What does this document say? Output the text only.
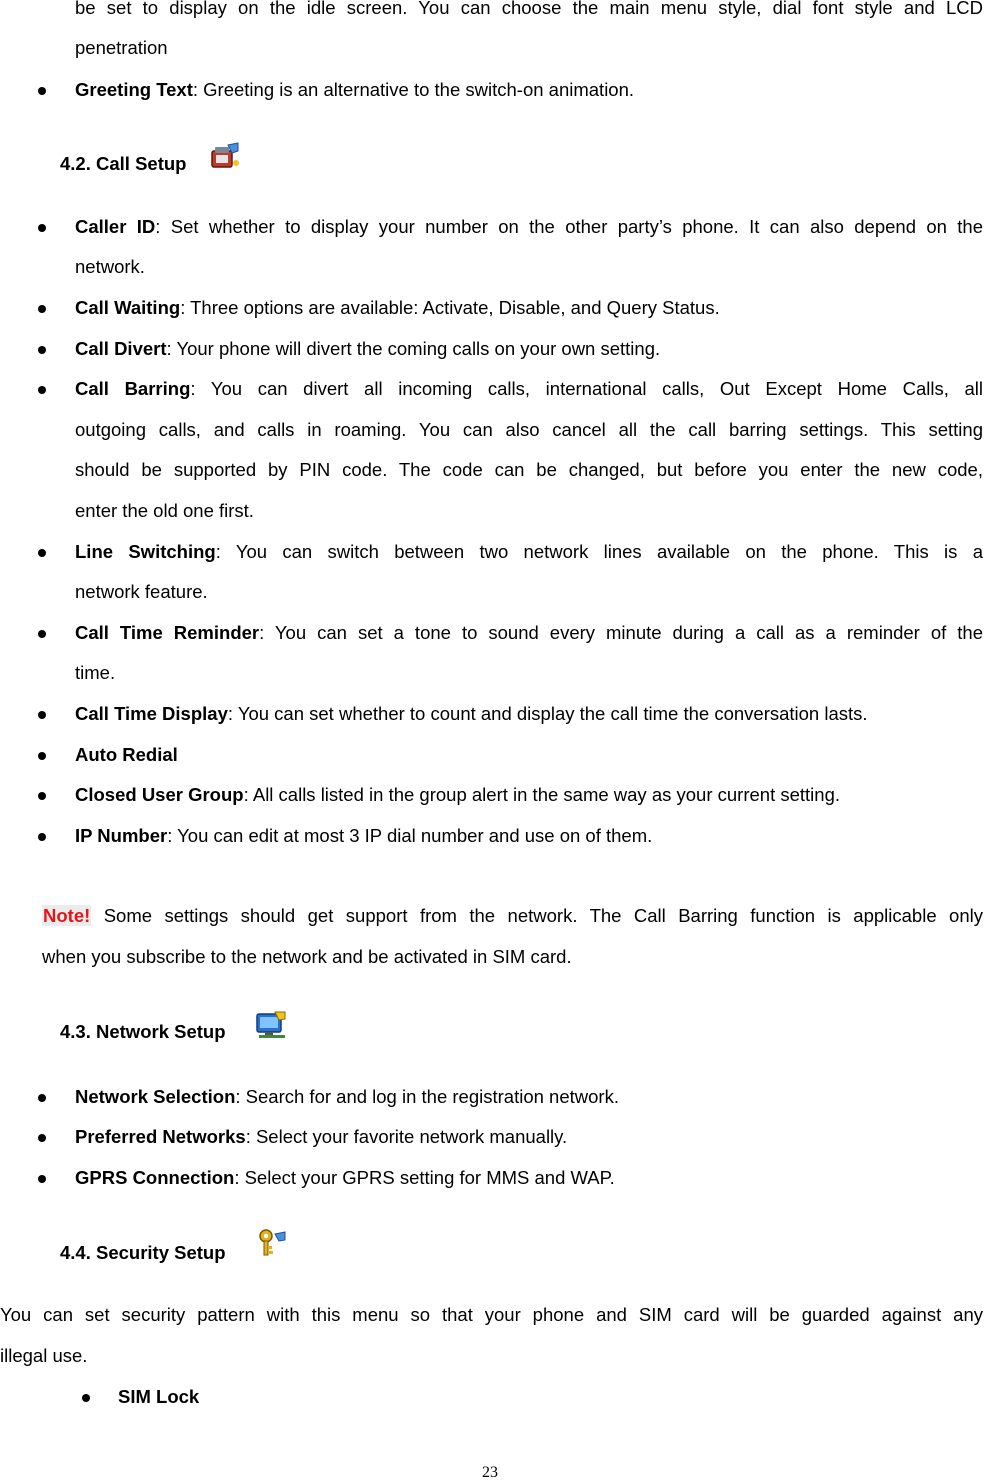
be set to display on the idle screen. You can choose the main menu style, dial font style and LCD
penetration
Greeting Text: Greeting is an alternative to the switch-on animation.
4.2. Call Setup
Caller ID: Set whether to display your number on the other party’s phone. It can also depend on the
network.
Call Waiting: Three options are available: Activate, Disable, and Query Status.
Call Divert: Your phone will divert the coming calls on your own setting.
Call Barring: You can divert all incoming calls, international calls, Out Except Home Calls, all
outgoing calls, and calls in roaming. You can also cancel all the call barring settings. This setting
should be supported by PIN code. The code can be changed, but before you enter the new code,
enter the old one first.
Line Switching: You can switch between two network lines available on the phone. This is a
network feature.
Call Time Reminder: You can set a tone to sound every minute during a call as a reminder of the
time.
Call Time Display: You can set whether to count and display the call time the conversation lasts.
Auto Redial
Closed User Group: All calls listed in the group alert in the same way as your current setting.
IP Number: You can edit at most 3 IP dial number and use on of them.
Note! Some settings should get support from the network. The Call Barring function is applicable only
when you subscribe to the network and be activated in SIM card.
4.3. Network Setup
Network Selection: Search for and log in the registration network.
Preferred Networks: Select your favorite network manually.
GPRS Connection: Select your GPRS setting for MMS and WAP.
4.4. Security Setup
You can set security pattern with this menu so that your phone and SIM card will be guarded against any
illegal use.
SIM Lock
23
